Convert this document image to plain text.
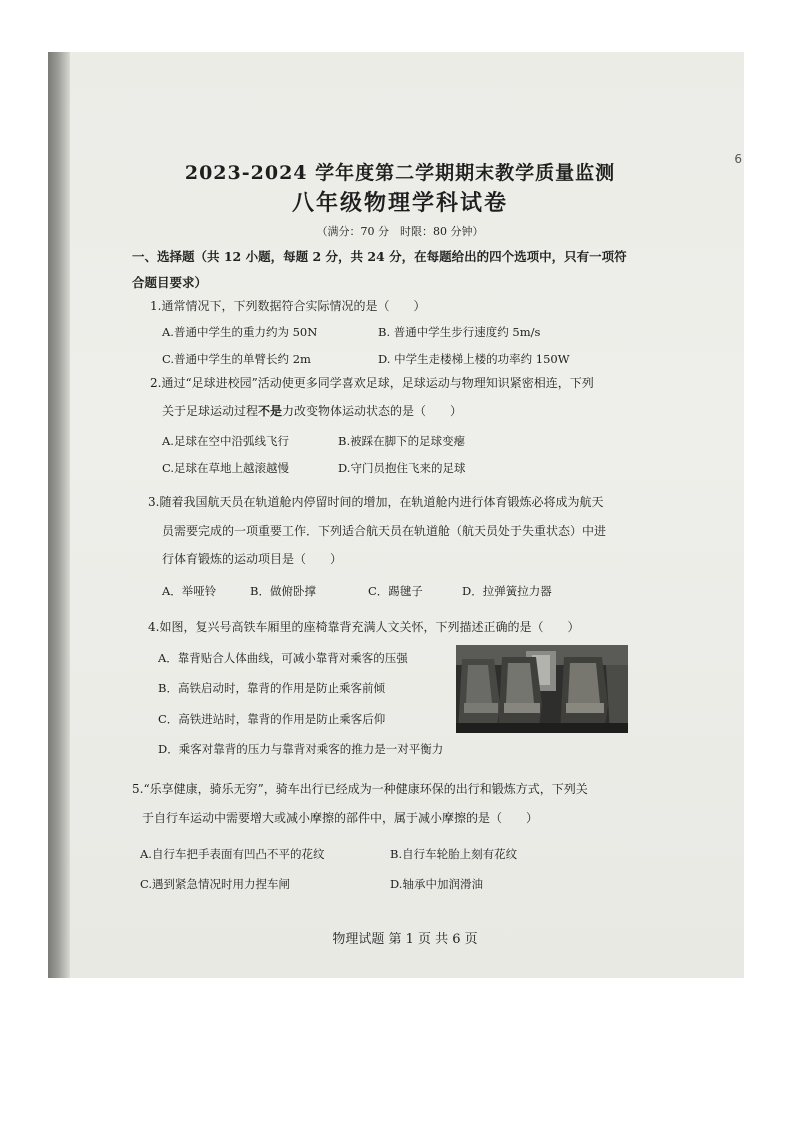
6
2023-2024 学年度第二学期期末教学质量监测
八年级物理学科试卷
（满分：70 分　时限：80 分钟）
一、选择题（共 12 小题，每题 2 分，共 24 分，在每题给出的四个选项中，只有一项符
合题目要求）
1.通常情况下，下列数据符合实际情况的是（　　）
A.普通中学生的重力约为 50N	B. 普通中学生步行速度约 5m/s
C.普通中学生的单臂长约 2m	D. 中学生走楼梯上楼的功率约 150W
2.通过“足球进校园”活动使更多同学喜欢足球，足球运动与物理知识紧密相连，下列
关于足球运动过程不是力改变物体运动状态的是（　　）
A.足球在空中沿弧线飞行	B.被踩在脚下的足球变瘪
C.足球在草地上越滚越慢	D.守门员抱住飞来的足球
3.随着我国航天员在轨道舱内停留时间的增加，在轨道舱内进行体育锻炼必将成为航天
员需要完成的一项重要工作．下列适合航天员在轨道舱（航天员处于失重状态）中进
行体育锻炼的运动项目是（　　）
A．举哑铃	B．做俯卧撑	C．踢毽子	D．拉弹簧拉力器
4.如图，复兴号高铁车厢里的座椅靠背充满人文关怀，下列描述正确的是（　　）
A．靠背贴合人体曲线，可减小靠背对乘客的压强
B．高铁启动时，靠背的作用是防止乘客前倾
C．高铁进站时，靠背的作用是防止乘客后仰
D．乘客对靠背的压力与靠背对乘客的推力是一对平衡力
5.“乐享健康，骑乐无穷”，骑车出行已经成为一种健康环保的出行和锻炼方式，下列关
于自行车运动中需要增大或减小摩擦的部件中，属于减小摩擦的是（　　）
A.自行车把手表面有凹凸不平的花纹	B.自行车轮胎上刻有花纹
C.遇到紧急情况时用力捏车闸	D.轴承中加润滑油
物理试题 第 1 页 共 6 页
